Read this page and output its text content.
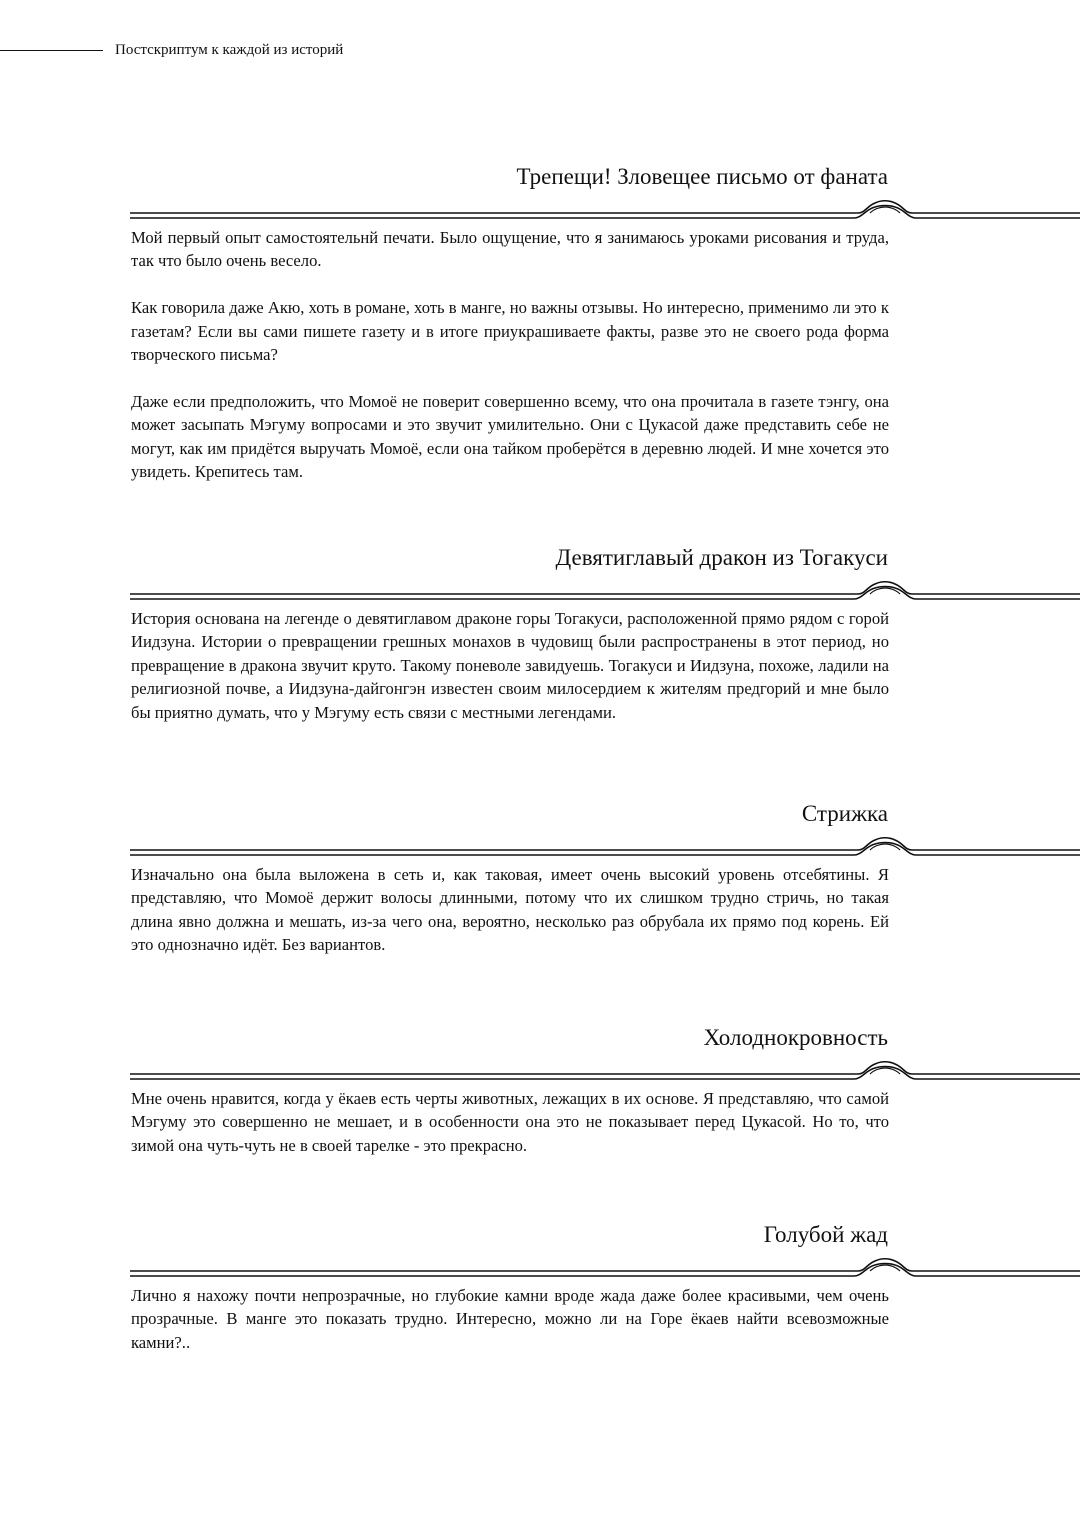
Постскриптум к каждой из историй
Трепещи! Зловещее письмо от фаната

Мой первый опыт самостоятельнй печати. Было ощущение, что я занимаюсь уроками рисования и труда, так что было очень весело.

Как говорила даже Акю, хоть в романе, хоть в манге, но важны отзывы. Но интересно, применимо ли это к газетам? Если вы сами пишете газету и в итоге приукрашиваете факты, разве это не своего рода форма творческого письма?

Даже если предположить, что Момоё не поверит совершенно всему, что она прочитала в газете тэнгу, она может засыпать Мэгуму вопросами и это звучит умилительно. Они с Цукасой даже представить себе не могут, как им придётся выручать Момоё, если она тайком проберётся в деревню людей. И мне хочется это увидеть. Крепитесь там.

Девятиглавый дракон из Тогакуси

История основана на легенде о девятиглавом драконе горы Тогакуси, расположенной прямо рядом с горой Иидзуна. Истории о превращении грешных монахов в чудовищ были распространены в этот период, но превращение в дракона звучит круто. Такому поневоле завидуешь. Тогакуси и Иидзуна, похоже, ладили на религиозной почве, а Иидзуна-дайгонгэн известен своим милосердием к жителям предгорий и мне было бы приятно думать, что у Мэгуму есть связи с местными легендами.

Стрижка

Изначально она была выложена в сеть и, как таковая, имеет очень высокий уровень отсебятины. Я представляю, что Момоё держит волосы длинными, потому что их слишком трудно стричь, но такая длина явно должна и мешать, из-за чего она, вероятно, несколько раз обрубала их прямо под корень. Ей это однозначно идёт. Без вариантов.

Холоднокровность

Мне очень нравится, когда у ёкаев есть черты животных, лежащих в их основе. Я представляю, что самой Мэгуму это совершенно не мешает, и в особенности она это не показывает перед Цукасой. Но то, что зимой она чуть-чуть не в своей тарелке - это прекрасно.

Голубой жад

Лично я нахожу почти непрозрачные, но глубокие камни вроде жада даже более красивыми, чем очень прозрачные. В манге это показать трудно. Интересно, можно ли на Горе ёкаев найти всевозможные камни?..
